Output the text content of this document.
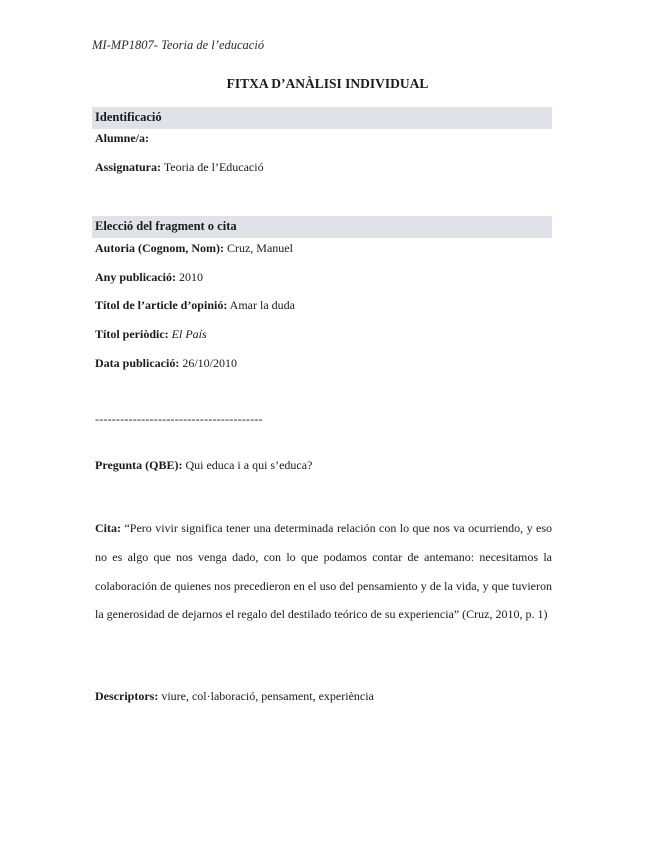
MI-MP1807- Teoria de l’educació
FITXA D’ANÀLISI INDIVIDUAL
Identificació
Alumne/a:
Assignatura: Teoria de l’Educació
Elecció del fragment o cita
Autoria (Cognom, Nom): Cruz, Manuel
Any publicació: 2010
Títol de l’article d’opinió: Amar la duda
Títol periòdic: El País
Data publicació: 26/10/2010
----------------------------------------
Pregunta (QBE): Qui educa i a qui s’educa?
Cita: “Pero vivir significa tener una determinada relación con lo que nos va ocurriendo, y eso no es algo que nos venga dado, con lo que podamos contar de antemano: necesitamos la colaboración de quienes nos precedieron en el uso del pensamiento y de la vida, y que tuvieron la generosidad de dejarnos el regalo del destilado teórico de su experiencia” (Cruz, 2010, p. 1)
Descriptors: viure, col·laboració, pensament, experiència
